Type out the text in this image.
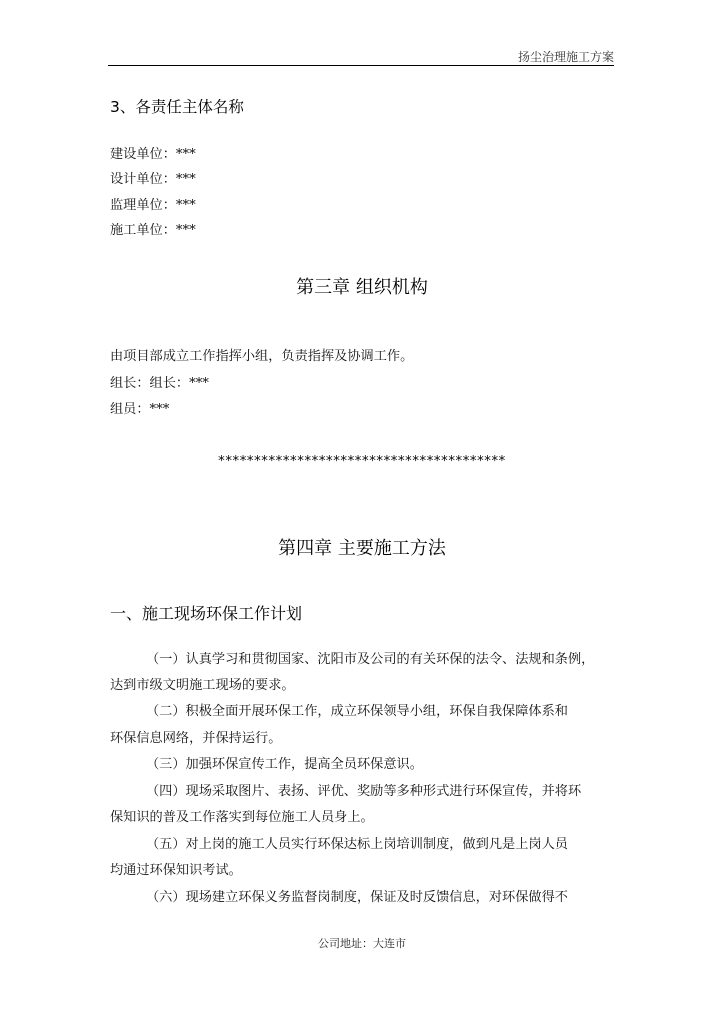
扬尘治理施工方案
3、各责任主体名称
建设单位：***
设计单位：***
监理单位：***
施工单位：***
第三章 组织机构
由项目部成立工作指挥小组，负责指挥及协调工作。
组长：组长：***
组员：***
****************************************
第四章 主要施工方法
一、施工现场环保工作计划
（一）认真学习和贯彻国家、沈阳市及公司的有关环保的法令、法规和条例，
达到市级文明施工现场的要求。
（二）积极全面开展环保工作，成立环保领导小组，环保自我保障体系和
环保信息网络，并保持运行。
（三）加强环保宣传工作，提高全员环保意识。
（四）现场采取图片、表扬、评优、奖励等多种形式进行环保宣传，并将环
保知识的普及工作落实到每位施工人员身上。
（五）对上岗的施工人员实行环保达标上岗培训制度，做到凡是上岗人员
均通过环保知识考试。
（六）现场建立环保义务监督岗制度，保证及时反馈信息，对环保做得不
公司地址：大连市
